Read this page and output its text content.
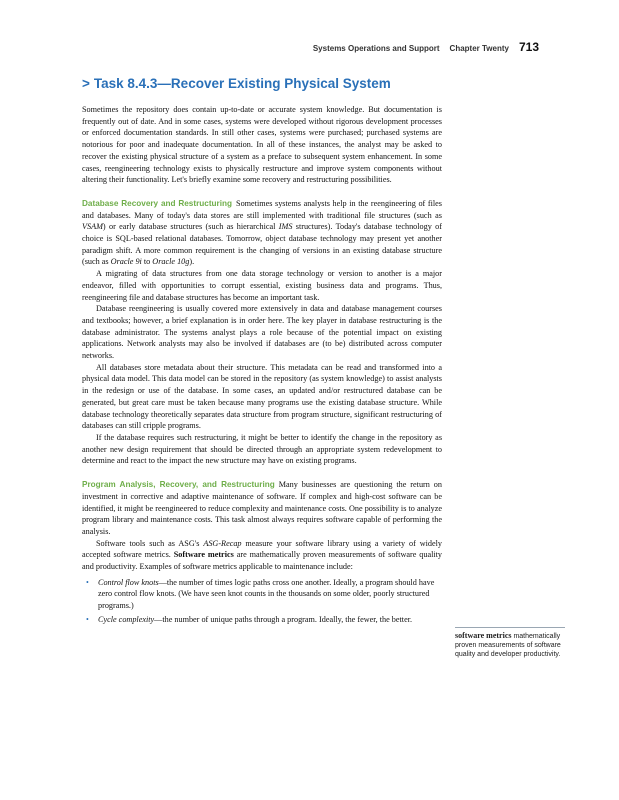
Systems Operations and Support Chapter Twenty 713
> Task 8.4.3—Recover Existing Physical System

Sometimes the repository does contain up-to-date or accurate system knowledge. But documentation is frequently out of date. And in some cases, systems were developed without rigorous development processes or enforced documentation standards. In still other cases, systems were purchased; purchased systems are notorious for poor and inadequate documentation. In all of these instances, the analyst may be asked to recover the existing physical structure of a system as a preface to subsequent system enhancement. In some cases, reengineering technology exists to physically restructure and improve system components without altering their functionality. Let's briefly examine some recovery and restructuring possibilities.

Database Recovery and Restructuring Sometimes systems analysts help in the reengineering of files and databases. Many of today's data stores are still implemented with traditional file structures (such as VSAM) or early database structures (such as hierarchical IMS structures). Today's database technology of choice is SQL-based relational databases. Tomorrow, object database technology may present yet another paradigm shift. A more common requirement is the changing of versions in an existing database structure (such as Oracle 9i to Oracle 10g).

A migrating of data structures from one data storage technology or version to another is a major endeavor, filled with opportunities to corrupt essential, existing business data and programs. Thus, reengineering file and database structures has become an important task.

Database reengineering is usually covered more extensively in data and database management courses and textbooks; however, a brief explanation is in order here. The key player in database restructuring is the database administrator. The systems analyst plays a role because of the potential impact on existing applications. Network analysts may also be involved if databases are (to be) distributed across computer networks.

All databases store metadata about their structure. This metadata can be read and transformed into a physical data model. This data model can be stored in the repository (as system knowledge) to assist analysts in the redesign or use of the database. In some cases, an updated and/or restructured database can be generated, but great care must be taken because many programs use the existing database structure. While database technology theoretically separates data structure from program structure, significant restructuring of databases can still cripple programs.

If the database requires such restructuring, it might be better to identify the change in the repository as another new design requirement that should be directed through an appropriate system redevelopment to determine and react to the impact the new structure may have on existing programs.

Program Analysis, Recovery, and Restructuring Many businesses are questioning the return on investment in corrective and adaptive maintenance of software. If complex and high-cost software can be identified, it might be reengineered to reduce complexity and maintenance costs. One possibility is to analyze program library and maintenance costs. This task almost always requires software capable of performing the analysis.

Software tools such as ASG's ASG-Recap measure your software library using a variety of widely accepted software metrics. Software metrics are mathematically proven measurements of software quality and productivity. Examples of software metrics applicable to maintenance include:

• Control flow knots—the number of times logic paths cross one another. Ideally, a program should have zero control flow knots. (We have seen knot counts in the thousands on some older, poorly structured programs.)
• Cycle complexity—the number of unique paths through a program. Ideally, the fewer, the better.
software metrics mathematically proven measurements of software quality and developer productivity.
